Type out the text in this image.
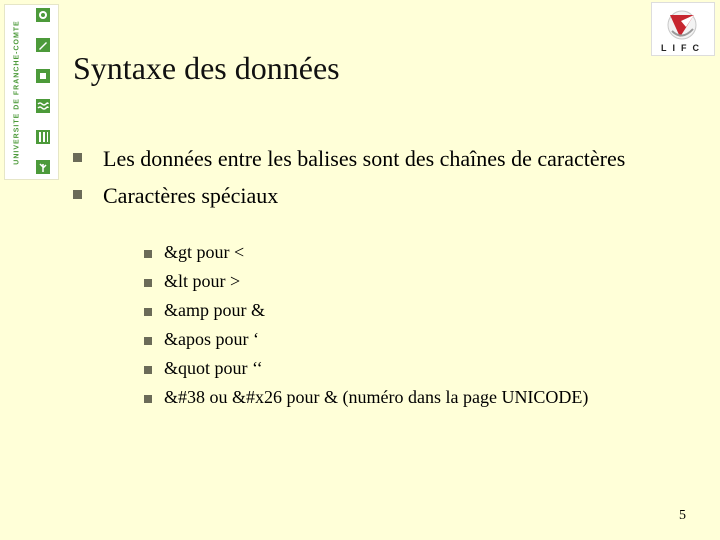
UNIVERSITE DE FRANCHE-COMTE	LIFC
Syntaxe des données
Les données entre les balises sont des chaînes de caractères
Caractères spéciaux
&gt pour <
&lt pour >
&amp pour &
&apos pour ‘
&quot pour ‘‘
&#38 ou &#x26 pour & (numéro dans la page UNICODE)
5
